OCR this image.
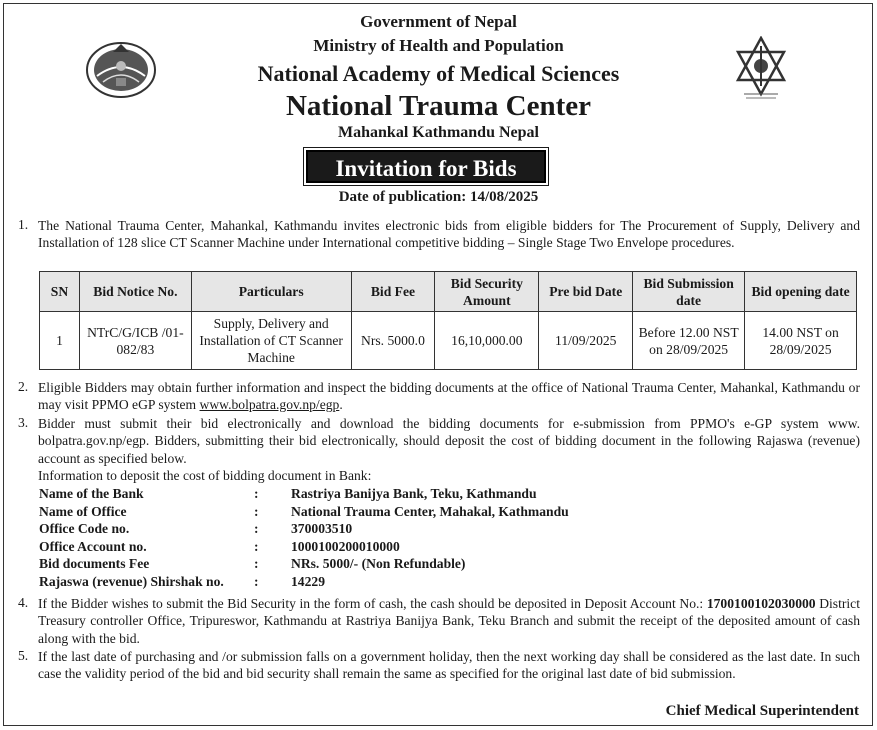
Government of Nepal
Ministry of Health and Population
National Academy of Medical Sciences
National Trauma Center
Mahankal Kathmandu Nepal
Invitation for Bids
Date of publication: 14/08/2025
1. The National Trauma Center, Mahankal, Kathmandu invites electronic bids from eligible bidders for The Procurement of Supply, Delivery and Installation of 128 slice CT Scanner Machine under International competitive bidding – Single Stage Two Envelope procedures.
SN	Bid Notice No.	Particulars	Bid Fee	Bid Security Amount	Pre bid Date	Bid Submission date	Bid opening date
1	NTrC/G/ICB /01-082/83	Supply, Delivery and Installation of CT Scanner Machine	Nrs. 5000.0	16,10,000.00	11/09/2025	Before 12.00 NST on 28/09/2025	14.00 NST on 28/09/2025
2. Eligible Bidders may obtain further information and inspect the bidding documents at the office of National Trauma Center, Mahankal, Kathmandu or may visit PPMO eGP system www.bolpatra.gov.np/egp.
3. Bidder must submit their bid electronically and download the bidding documents for e-submission from PPMO's e-GP system www. bolpatra.gov.np/egp. Bidders, submitting their bid electronically, should deposit the cost of bidding document in the following Rajaswa (revenue) account as specified below.
Information to deposit the cost of bidding document in Bank:
Name of the Bank	: Rastriya Banijya Bank, Teku, Kathmandu
Name of Office	: National Trauma Center, Mahakal, Kathmandu
Office Code no.	: 370003510
Office Account no.	: 1000100200010000
Bid documents Fee	: NRs. 5000/- (Non Refundable)
Rajaswa (revenue) Shirshak no. : 14229
4. If the Bidder wishes to submit the Bid Security in the form of cash, the cash should be deposited in Deposit Account No.: 1700100102030000 District Treasury controller Office, Tripureswor, Kathmandu at Rastriya Banijya Bank, Teku Branch and submit the receipt of the deposited amount of cash along with the bid.
5. If the last date of purchasing and /or submission falls on a government holiday, then the next working day shall be considered as the last date. In such case the validity period of the bid and bid security shall remain the same as specified for the original last date of bid submission.
Chief Medical Superintendent
